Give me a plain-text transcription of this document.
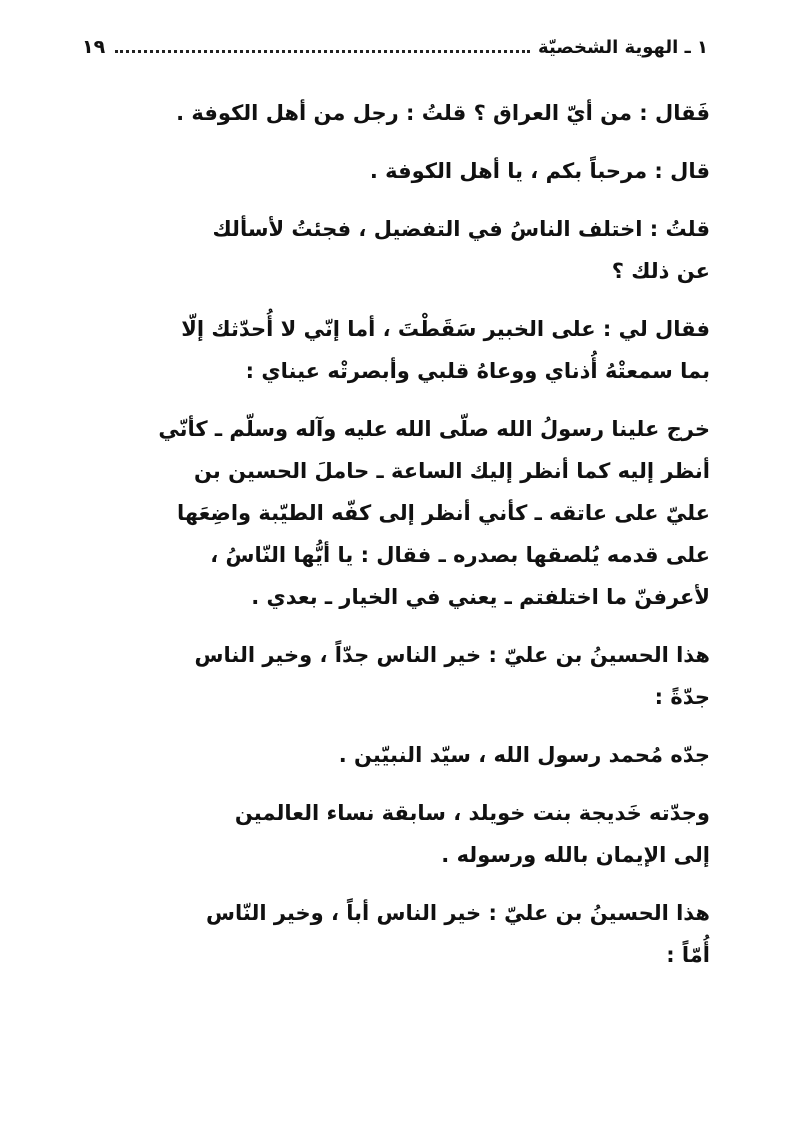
١٩	١ ـ الهوية الشخصيّة
فَقال : من أيّ العراق ؟ قلتُ : رجل من أهل الكوفة .
قال : مرحباً بكم ، يا أهل الكوفة .
قلتُ : اختلف الناسُ في التفضيل ، فجئتُ لأسألك
عن ذلك ؟
فقال لي : على الخبير سَقَطْتَ ، أما إنّي لا أُحدّثك إلّا
بما سمعتْهُ أُذناي ووعاهُ قلبي وأبصرتْه عيناي :
خرج علينا رسولُ الله صلّى الله عليه وآله وسلّم ـ كأنّي
أنظر إليه كما أنظر إليك الساعة ـ حاملَ الحسين بن
عليّ على عاتقه ـ كأني أنظر إلى كفّه الطيّبة واضِعَها
على قدمه يُلصقها بصدره ـ فقال : يا أيُّها النّاسُ ،
لأعرفنّ ما اختلفتم ـ يعني في الخيار ـ بعدي .
هذا الحسينُ بن عليّ : خير الناس جدّاً ، وخير الناس
جدّةً :
جدّه مُحمد رسول الله ، سيّد النبيّين .
وجدّته خَديجة بنت خويلد ، سابقة نساء العالمين
إلى الإيمان بالله ورسوله .
هذا الحسينُ بن عليّ : خير الناس أباً ، وخير النّاس
أُمّاً :
